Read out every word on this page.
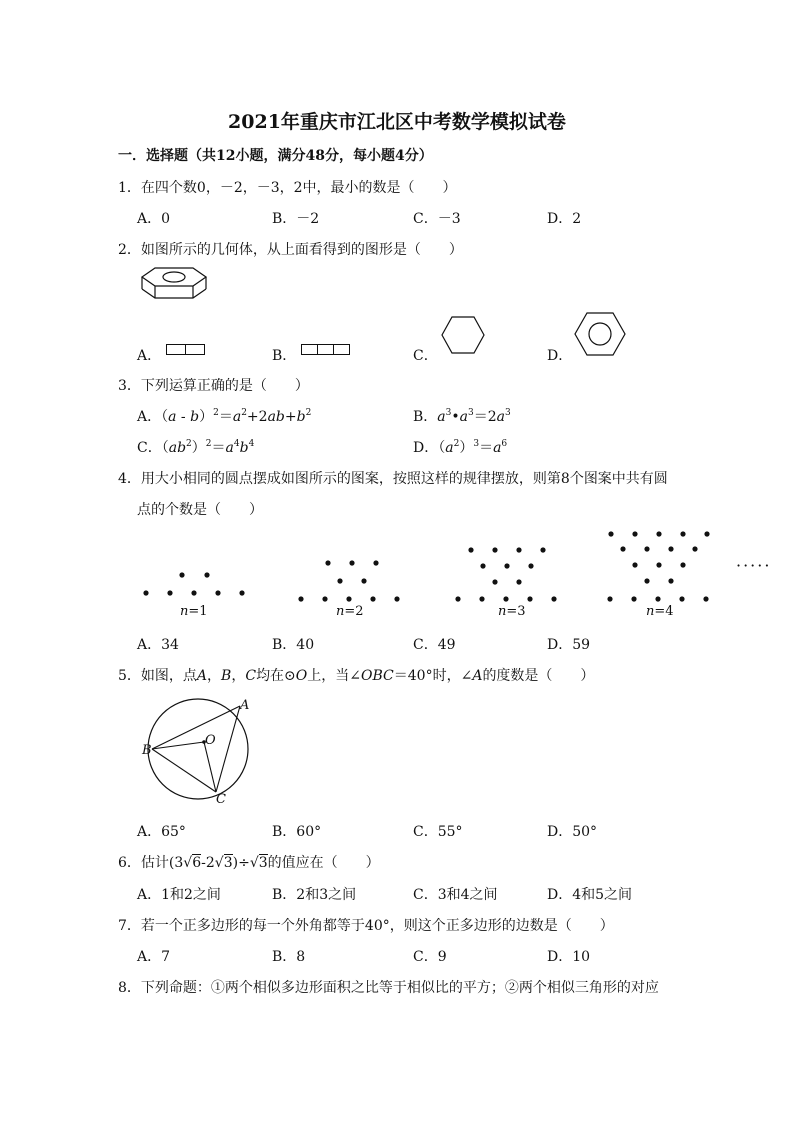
2021年重庆市江北区中考数学模拟试卷
一．选择题（共12小题，满分48分，每小题4分）
1．在四个数0，－2，－3，2中，最小的数是（　　）
A．0	B．－2	C．－3	D．2
2．如图所示的几何体，从上面看得到的图形是（　　）
A．	B．	C．	D．
3．下列运算正确的是（　　）
A．$(a - b)^2=a^2+2ab+b^2$	B．$a^3•a^3=2a^3$
C．$(ab^2)^2=a^4b^4$	D．$(a^2)^3=a^6$
4．用大小相同的圆点摆成如图所示的图案，按照这样的规律摆放，则第8个图案中共有圆
点的个数是（　　）
n=1	n=2	n=3	n=4
·····
A．34	B．40	C．49	D．59
5．如图，点A，B，C均在⊙O上，当∠OBC＝40°时，∠A的度数是（　　）
A
B
C
O
A．65°	B．60°	C．55°	D．50°
6．估计(3√6-2√3)÷√3的值应在（　　）
A．1和2之间	B．2和3之间	C．3和4之间	D．4和5之间
7．若一个正多边形的每一个外角都等于40°，则这个正多边形的边数是（　　）
A．7	B．8	C．9	D．10
8．下列命题：①两个相似多边形面积之比等于相似比的平方；②两个相似三角形的对应
